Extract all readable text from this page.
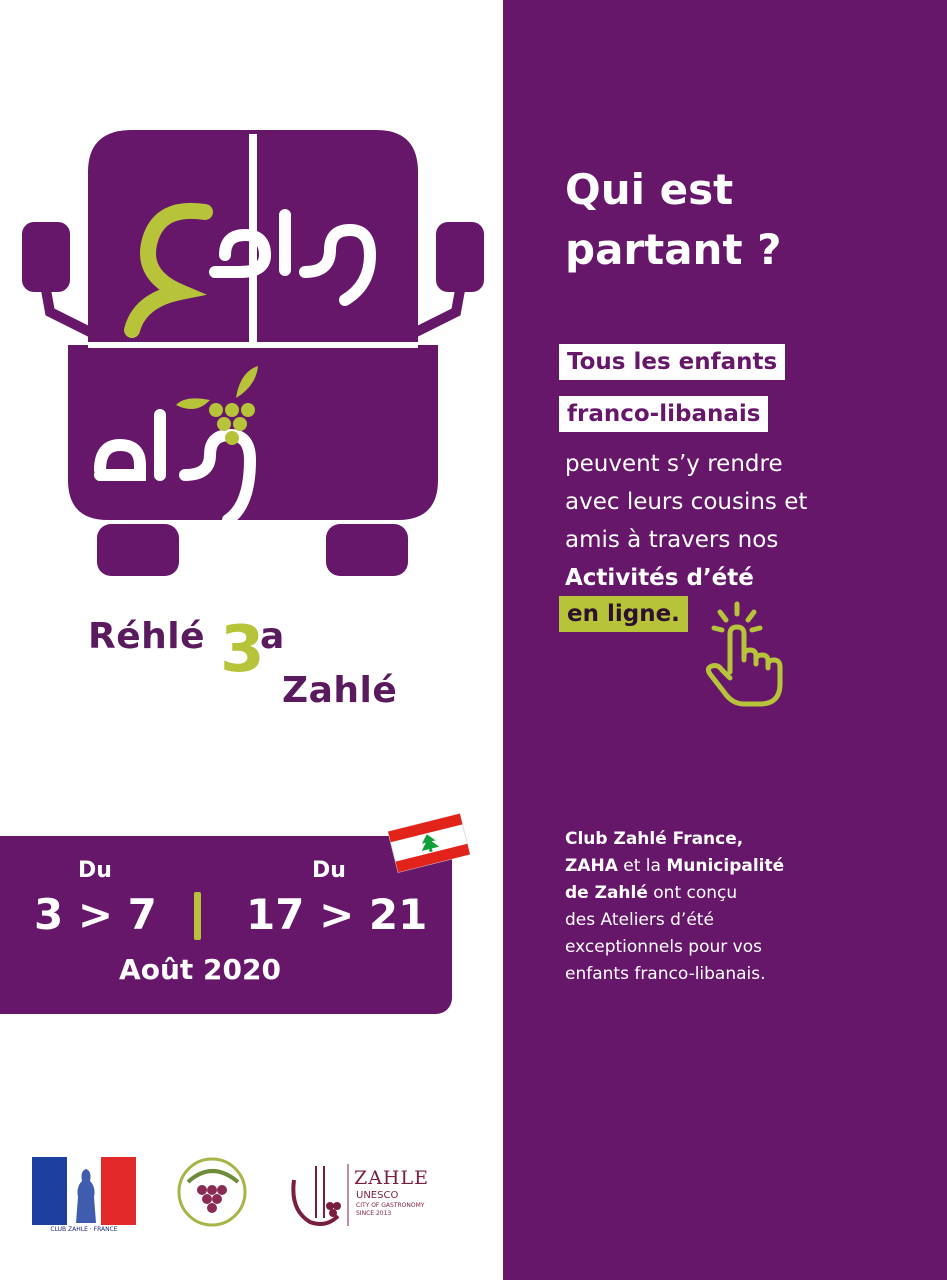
Réhlé 3
a
Zahlé
Du
3 > 7
Du
17 > 21
Août 2020
Qui est
partant ?
Tous les enfants
franco-libanais
peuvent s’y rendre
avec leurs cousins et
amis à travers nos
Activités d’été
en ligne.
Club Zahlé France,
ZAHA et la Municipalité
de Zahlé ont conçu
des Ateliers d’été
exceptionnels pour vos
enfants franco-libanais.
CLUB ZAHLE · FRANCE
ZAHLE
UNESCO
CITY OF GASTRONOMY
SINCE 2013
